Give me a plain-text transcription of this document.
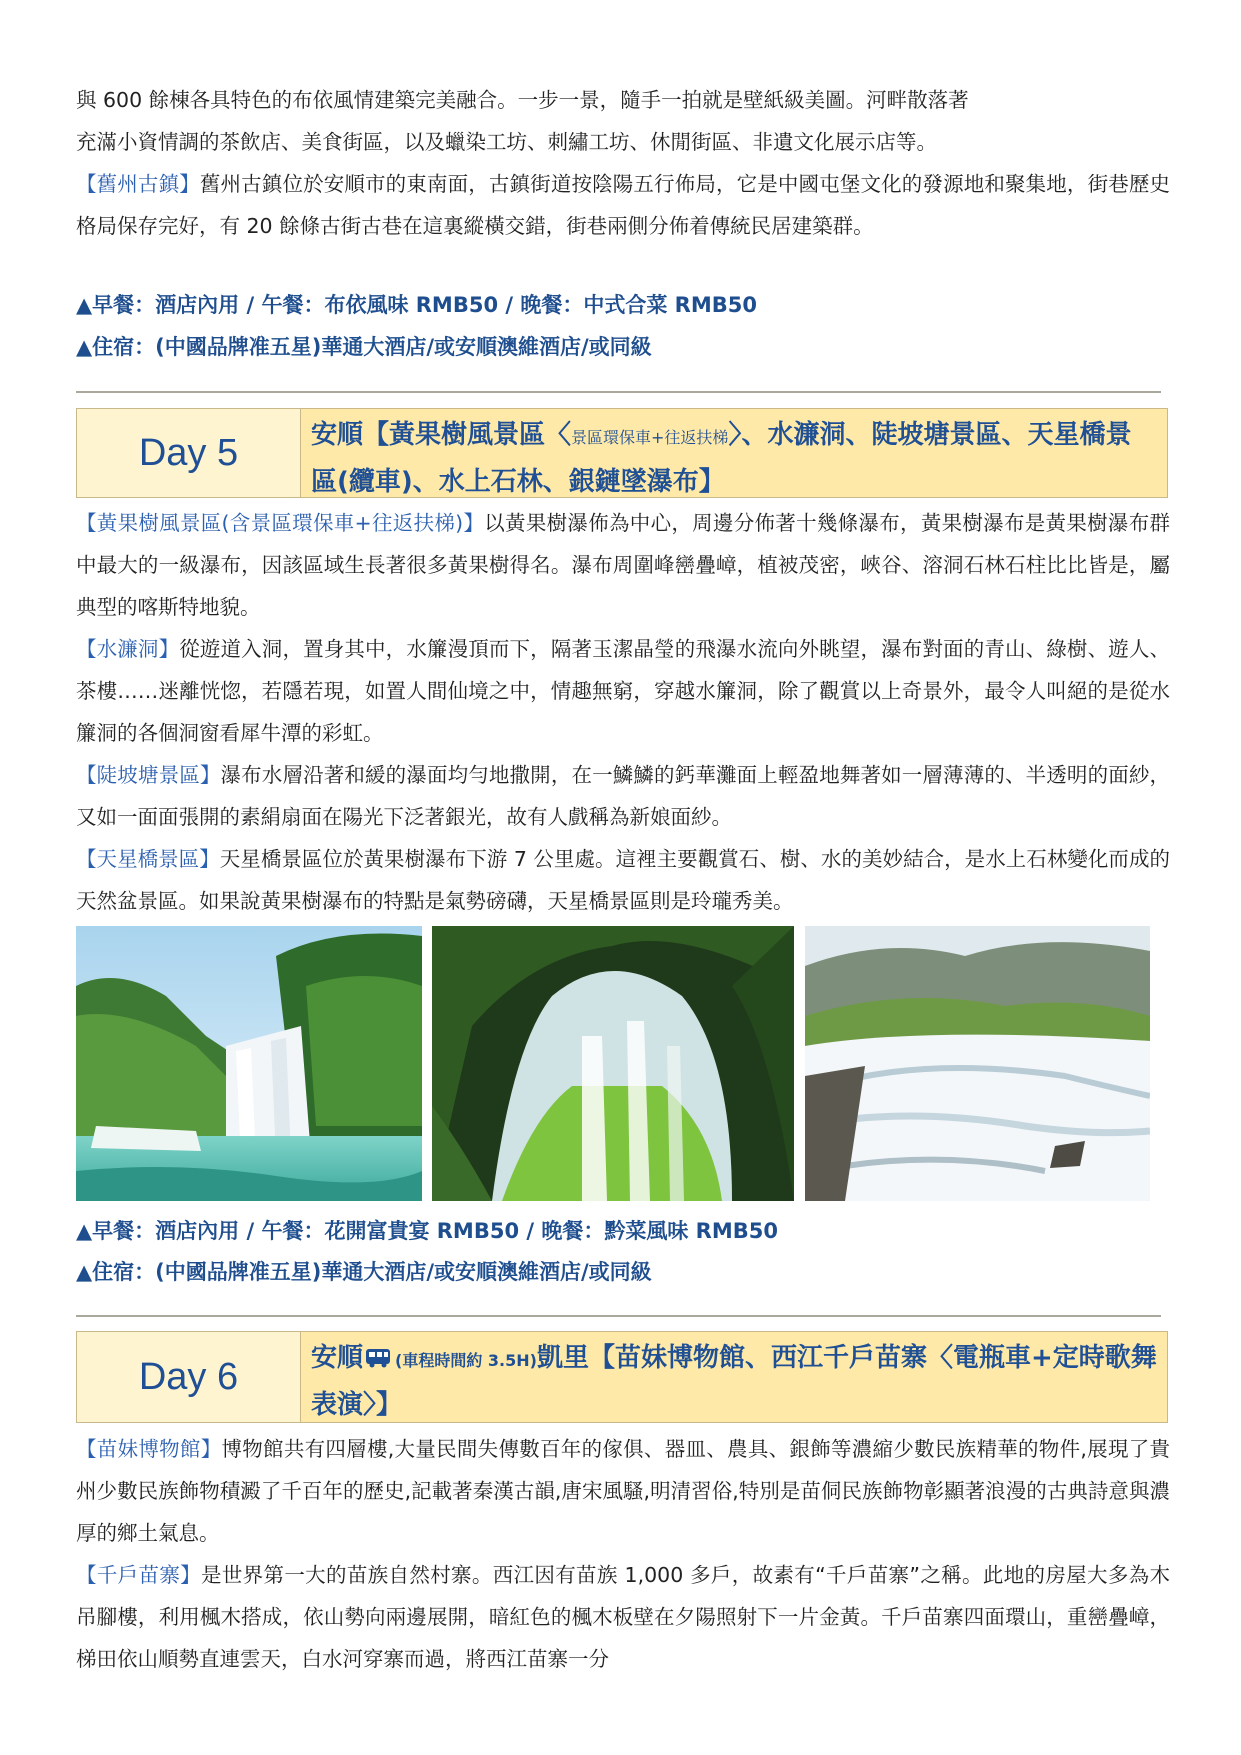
與 600 餘棟各具特色的布依風情建築完美融合。一步一景，隨手一拍就是壁紙級美圖。河畔散落著
充滿小資情調的茶飲店、美食街區，以及蠟染工坊、刺繡工坊、休閒街區、非遺文化展示店等。

【舊州古鎮】舊州古鎮位於安順市的東南面，古鎮街道按陰陽五行佈局，它是中國屯堡文化的發源地和聚集地，街巷歷史格局保存完好，有 20 餘條古街古巷在這裏縱橫交錯，街巷兩側分佈着傳統民居建築群。

▲早餐：酒店內用 / 午餐：布依風味 RMB50 / 晚餐：中式合菜 RMB50
▲住宿：(中國品牌准五星)華通大酒店/或安順澳維酒店/或同級
Day 5	安順【黃果樹風景區〈景區環保車+往返扶梯〉、水濂洞、陡坡塘景區、天星橋景區(纜車)、水上石林、銀鏈墜瀑布】

【黃果樹風景區(含景區環保車+往返扶梯)】以黃果樹瀑佈為中心，周邊分佈著十幾條瀑布，黃果樹瀑布是黃果樹瀑布群中最大的一級瀑布，因該區域生長著很多黃果樹得名。瀑布周圍峰巒疊嶂，植被茂密，峽谷、溶洞石林石柱比比皆是，屬典型的喀斯特地貌。

【水濂洞】從遊道入洞，置身其中，水簾漫頂而下，隔著玉潔晶瑩的飛瀑水流向外眺望，瀑布對面的青山、綠樹、遊人、茶樓……迷離恍惚，若隱若現，如置人間仙境之中，情趣無窮，穿越水簾洞，除了觀賞以上奇景外，最令人叫絕的是從水簾洞的各個洞窗看犀牛潭的彩虹。

【陡坡塘景區】瀑布水層沿著和緩的瀑面均勻地撒開，在一鱗鱗的鈣華灘面上輕盈地舞著如一層薄薄的、半透明的面紗，又如一面面張開的素絹扇面在陽光下泛著銀光，故有人戲稱為新娘面紗。

【天星橋景區】天星橋景區位於黃果樹瀑布下游 7 公里處。這裡主要觀賞石、樹、水的美妙結合，是水上石林變化而成的天然盆景區。如果說黃果樹瀑布的特點是氣勢磅礴，天星橋景區則是玲瓏秀美。

▲早餐：酒店內用 / 午餐：花開富貴宴 RMB50 / 晚餐：黔菜風味 RMB50
▲住宿：(中國品牌准五星)華通大酒店/或安順澳維酒店/或同級
Day 6	安順 (車程時間約 3.5H)凱里【苗妹博物館、西江千戶苗寨〈電瓶車+定時歌舞表演〉】

【苗妹博物館】博物館共有四層樓,大量民間失傳數百年的傢俱、器皿、農具、銀飾等濃縮少數民族精華的物件,展現了貴州少數民族飾物積澱了千百年的歷史,記載著秦漢古韻,唐宋風騷,明清習俗,特別是苗侗民族飾物彰顯著浪漫的古典詩意與濃厚的鄉土氣息。

【千戶苗寨】是世界第一大的苗族自然村寨。西江因有苗族 1,000 多戶，故素有“千戶苗寨”之稱。此地的房屋大多為木吊腳樓，利用楓木搭成，依山勢向兩邊展開，暗紅色的楓木板壁在夕陽照射下一片金黃。千戶苗寨四面環山，重巒疊嶂，梯田依山順勢直連雲天，白水河穿寨而過，將西江苗寨一分
